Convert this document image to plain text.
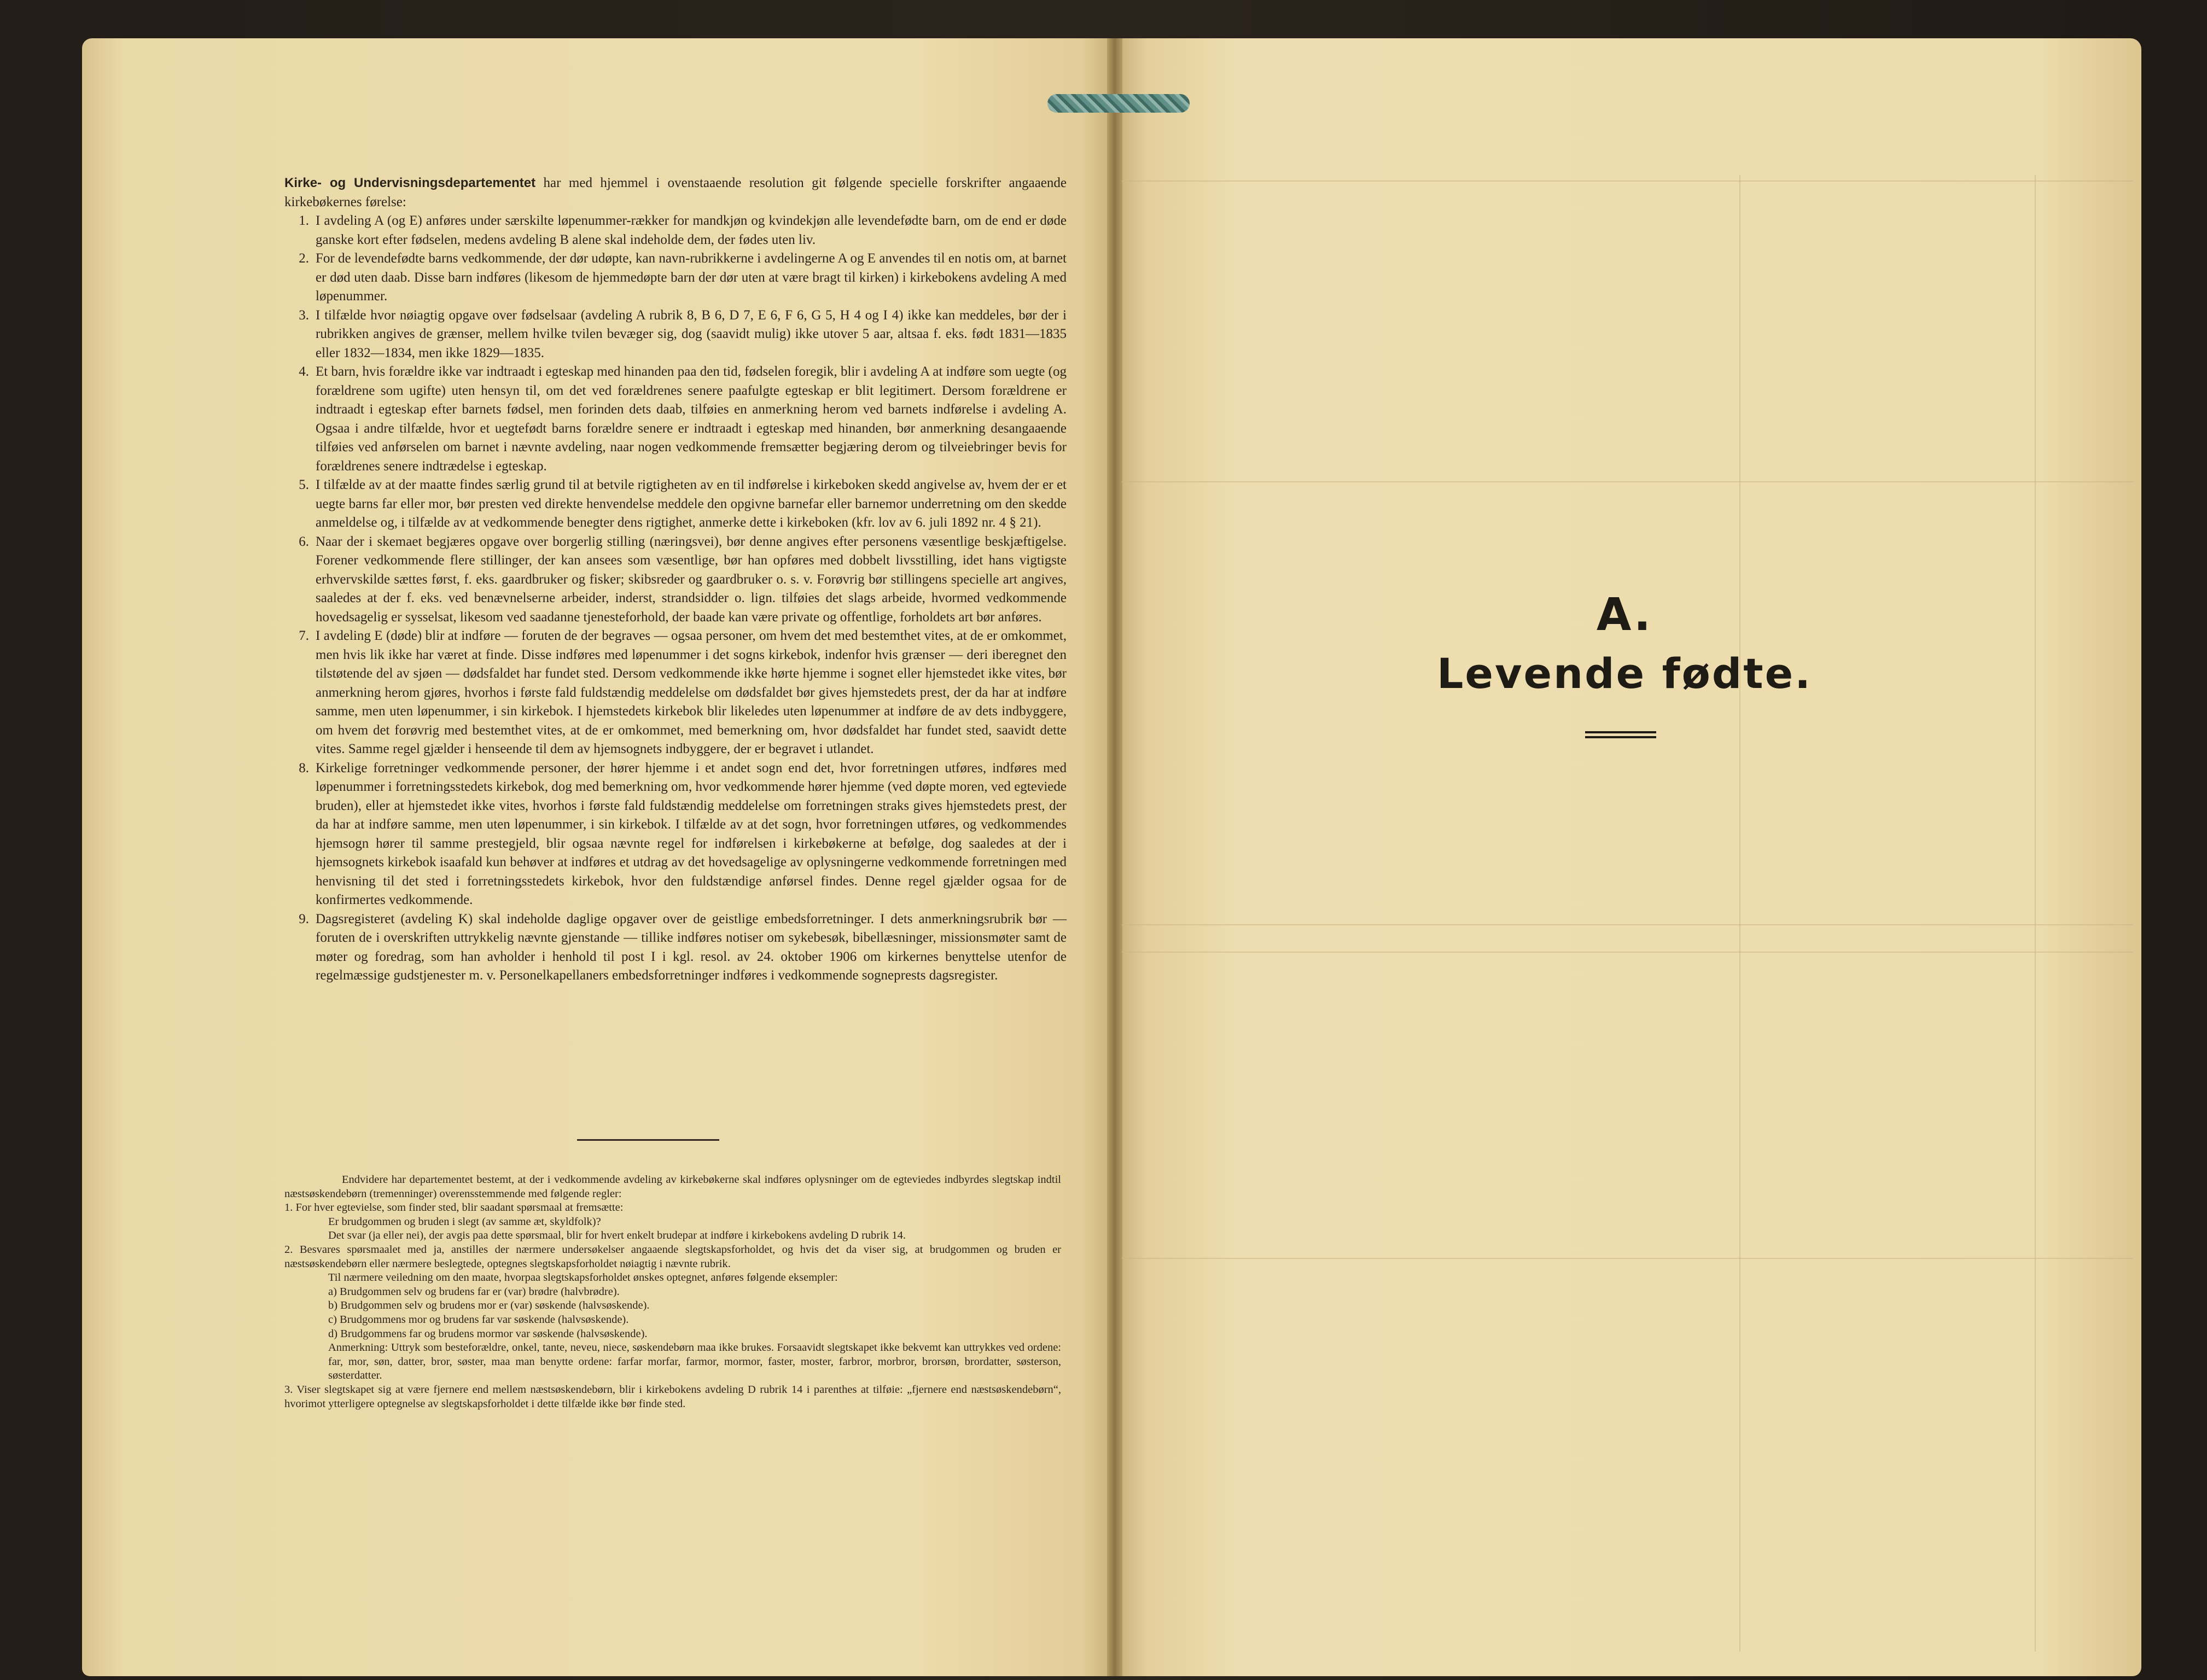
Kirke- og Undervisningsdepartementet har med hjemmel i ovenstaaende resolution git følgende specielle forskrifter angaaende kirkebøkernes førelse:

1. I avdeling A (og E) anføres under særskilte løpenummer-rækker for mandkjøn og kvindekjøn alle levendefødte barn, om de end er døde ganske kort efter fødselen, medens avdeling B alene skal indeholde dem, der fødes uten liv.
2. For de levendefødte barns vedkommende, der dør udøpte, kan navn-rubrikkerne i avdelingerne A og E anvendes til en notis om, at barnet er død uten daab. Disse barn indføres (likesom de hjemmedøpte barn der dør uten at være bragt til kirken) i kirkebokens avdeling A med løpenummer.
3. I tilfælde hvor nøiagtig opgave over fødselsaar (avdeling A rubrik 8, B 6, D 7, E 6, F 6, G 5, H 4 og I 4) ikke kan meddeles, bør der i rubrikken angives de grænser, mellem hvilke tvilen bevæger sig, dog (saavidt mulig) ikke utover 5 aar, altsaa f. eks. født 1831—1835 eller 1832—1834, men ikke 1829—1835.
4. Et barn, hvis forældre ikke var indtraadt i egteskap med hinanden paa den tid, fødselen foregik, blir i avdeling A at indføre som uegte (og forældrene som ugifte) uten hensyn til, om det ved forældrenes senere paafulgte egteskap er blit legitimert. Dersom forældrene er indtraadt i egteskap efter barnets fødsel, men forinden dets daab, tilføies en anmerkning herom ved barnets indførelse i avdeling A. Ogsaa i andre tilfælde, hvor et uegtefødt barns forældre senere er indtraadt i egteskap med hinanden, bør anmerkning desangaaende tilføies ved anførselen om barnet i nævnte avdeling, naar nogen vedkommende fremsætter begjæring derom og tilveiebringer bevis for forældrenes senere indtrædelse i egteskap.
5. I tilfælde av at der maatte findes særlig grund til at betvile rigtigheten av en til indførelse i kirkeboken skedd angivelse av, hvem der er et uegte barns far eller mor, bør presten ved direkte henvendelse meddele den opgivne barnefar eller barnemor underretning om den skedde anmeldelse og, i tilfælde av at vedkommende benegter dens rigtighet, anmerke dette i kirkeboken (kfr. lov av 6. juli 1892 nr. 4 § 21).
6. Naar der i skemaet begjæres opgave over borgerlig stilling (næringsvei), bør denne angives efter personens væsentlige beskjæftigelse. Forener vedkommende flere stillinger, der kan ansees som væsentlige, bør han opføres med dobbelt livsstilling, idet hans vigtigste erhvervskilde sættes først, f. eks. gaardbruker og fisker; skibsreder og gaardbruker o. s. v. Forøvrig bør stillingens specielle art angives, saaledes at der f. eks. ved benævnelserne arbeider, inderst, strandsidder o. lign. tilføies det slags arbeide, hvormed vedkommende hovedsagelig er sysselsat, likesom ved saadanne tjenesteforhold, der baade kan være private og offentlige, forholdets art bør anføres.
7. I avdeling E (døde) blir at indføre — foruten de der begraves — ogsaa personer, om hvem det med bestemthet vites, at de er omkommet, men hvis lik ikke har været at finde. Disse indføres med løpenummer i det sogns kirkebok, indenfor hvis grænser — deri iberegnet den tilstøtende del av sjøen — dødsfaldet har fundet sted. Dersom vedkommende ikke hørte hjemme i sognet eller hjemstedet ikke vites, bør anmerkning herom gjøres, hvorhos i første fald fuldstændig meddelelse om dødsfaldet bør gives hjemstedets prest, der da har at indføre samme, men uten løpenummer, i sin kirkebok. I hjemstedets kirkebok blir likeledes uten løpenummer at indføre de av dets indbyggere, om hvem det forøvrig med bestemthet vites, at de er omkommet, med bemerkning om, hvor dødsfaldet har fundet sted, saavidt dette vites. Samme regel gjælder i henseende til dem av hjemsognets indbyggere, der er begravet i utlandet.
8. Kirkelige forretninger vedkommende personer, der hører hjemme i et andet sogn end det, hvor forretningen utføres, indføres med løpenummer i forretningsstedets kirkebok, dog med bemerkning om, hvor vedkommende hører hjemme (ved døpte moren, ved egteviede bruden), eller at hjemstedet ikke vites, hvorhos i første fald fuldstændig meddelelse om forretningen straks gives hjemstedets prest, der da har at indføre samme, men uten løpenummer, i sin kirkebok. I tilfælde av at det sogn, hvor forretningen utføres, og vedkommendes hjemsogn hører til samme prestegjeld, blir ogsaa nævnte regel for indførelsen i kirkebøkerne at befølge, dog saaledes at der i hjemsognets kirkebok isaafald kun behøver at indføres et utdrag av det hovedsagelige av oplysningerne vedkommende forretningen med henvisning til det sted i forretningsstedets kirkebok, hvor den fuldstændige anførsel findes. Denne regel gjælder ogsaa for de konfirmertes vedkommende.
9. Dagsregisteret (avdeling K) skal indeholde daglige opgaver over de geistlige embedsforretninger. I dets anmerkningsrubrik bør — foruten de i overskriften uttrykkelig nævnte gjenstande — tillike indføres notiser om sykebesøk, bibellæsninger, missionsmøter samt de møter og foredrag, som han avholder i henhold til post I i kgl. resol. av 24. oktober 1906 om kirkernes benyttelse utenfor de regelmæssige gudstjenester m. v. Personelkapellaners embedsforretninger indføres i vedkommende sogneprests dagsregister.

Endvidere har departementet bestemt, at der i vedkommende avdeling av kirkebøkerne skal indføres oplysninger om de egteviedes indbyrdes slegtskap indtil næstsøskendebørn (tremenninger) overensstemmende med følgende regler:

1. For hver egtevielse, som finder sted, blir saadant spørsmaal at fremsætte:

Er brudgommen og bruden i slegt (av samme æt, skyldfolk)?

Det svar (ja eller nei), der avgis paa dette spørsmaal, blir for hvert enkelt brudepar at indføre i kirkebokens avdeling D rubrik 14.

2. Besvares spørsmaalet med ja, anstilles der nærmere undersøkelser angaaende slegtskapsforholdet, og hvis det da viser sig, at brudgommen og bruden er næstsøskendebørn eller nærmere beslegtede, optegnes slegtskapsforholdet nøiagtig i nævnte rubrik.

Til nærmere veiledning om den maate, hvorpaa slegtskapsforholdet ønskes optegnet, anføres følgende eksempler:

a) Brudgommen selv og brudens far er (var) brødre (halvbrødre).

b) Brudgommen selv og brudens mor er (var) søskende (halvsøskende).

c) Brudgommens mor og brudens far var søskende (halvsøskende).

d) Brudgommens far og brudens mormor var søskende (halvsøskende).

Anmerkning: Uttryk som besteforældre, onkel, tante, neveu, niece, søskendebørn maa ikke brukes. Forsaavidt slegtskapet ikke bekvemt kan uttrykkes ved ordene: far, mor, søn, datter, bror, søster, maa man benytte ordene: farfar morfar, farmor, mormor, faster, moster, farbror, morbror, brorsøn, brordatter, søsterson, søsterdatter.

3. Viser slegtskapet sig at være fjernere end mellem næstsøskendebørn, blir i kirkebokens avdeling D rubrik 14 i parenthes at tilføie: „fjernere end næstsøskendebørn“, hvorimot ytterligere optegnelse av slegtskapsforholdet i dette tilfælde ikke bør finde sted.

A.
Levende fødte.
